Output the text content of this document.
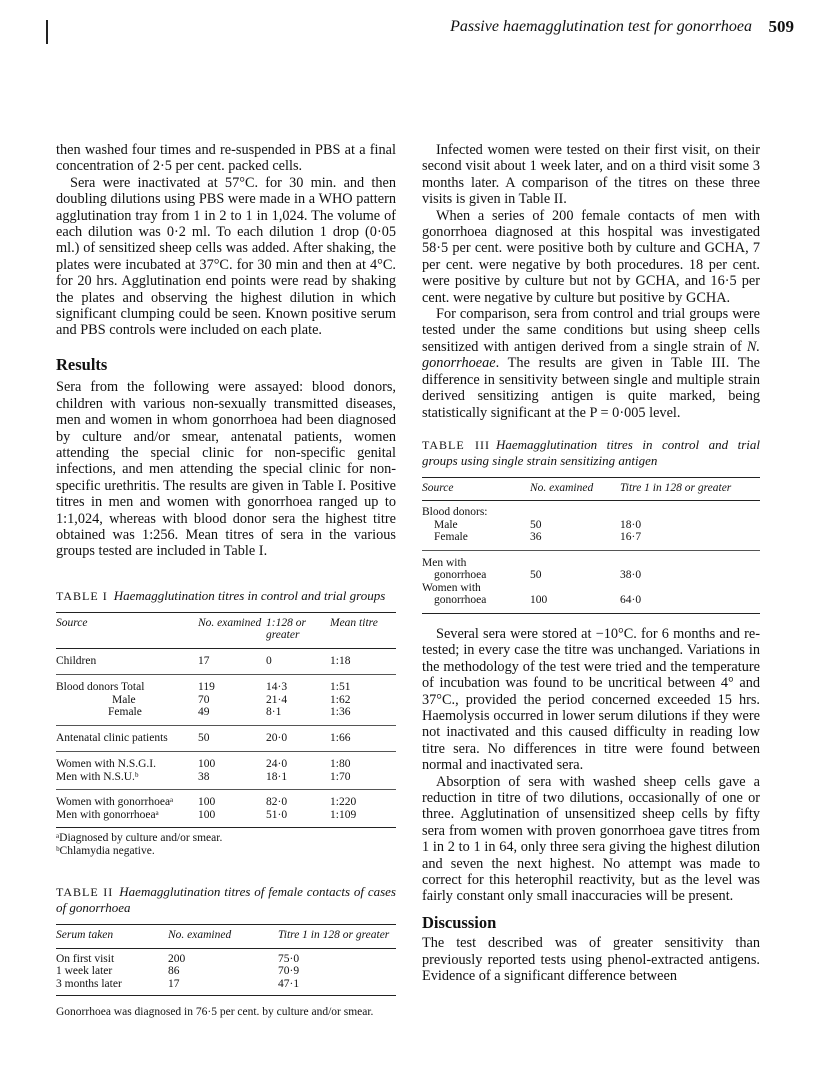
Passive haemagglutination test for gonorrhoea 509

then washed four times and re-suspended in PBS at a final concentration of 2·5 per cent. packed cells.

Sera were inactivated at 57°C. for 30 min. and then doubling dilutions using PBS were made in a WHO pattern agglutination tray from 1 in 2 to 1 in 1,024. The volume of each dilution was 0·2 ml. To each dilution 1 drop (0·05 ml.) of sensitized sheep cells was added. After shaking, the plates were incubated at 37°C. for 30 min and then at 4°C. for 20 hrs. Agglutination end points were read by shaking the plates and observing the highest dilution in which significant clumping could be seen. Known positive serum and PBS controls were included on each plate.

Results

Sera from the following were assayed: blood donors, children with various non-sexually transmitted diseases, men and women in whom gonorrhoea had been diagnosed by culture and/or smear, antenatal patients, women attending the special clinic for non-specific genital infections, and men attending the special clinic for non-specific urethritis. The results are given in Table I. Positive titres in men and women with gonorrhoea ranged up to 1:1,024, whereas with blood donor sera the highest titre obtained was 1:256. Mean titres of sera in the various groups tested are included in Table I.

TABLE I Haemagglutination titres in control and trial groups
Source	No. examined	1:128 or greater	Mean titre
Children	17	0	1:18
Blood donors Total	119	14·3	1:51
Male	70	21·4	1:62
Female	49	8·1	1:36
Antenatal clinic patients	50	20·0	1:66
Women with N.S.G.I.	100	24·0	1:80
Men with N.S.U.ᵇ	38	18·1	1:70
Women with gonorrhoeaᵃ	100	82·0	1:220
Men with gonorrhoeaᵃ	100	51·0	1:109
ᵃDiagnosed by culture and/or smear.
ᵇChlamydia negative.
TABLE II Haemagglutination titres of female contacts of cases of gonorrhoea
Serum taken	No. examined	Titre 1 in 128 or greater
On first visit	200	75·0
1 week later	86	70·9
3 months later	17	47·1
Gonorrhoea was diagnosed in 76·5 per cent. by culture and/or smear.

Infected women were tested on their first visit, on their second visit about 1 week later, and on a third visit some 3 months later. A comparison of the titres on these three visits is given in Table II.

When a series of 200 female contacts of men with gonorrhoea diagnosed at this hospital was investigated 58·5 per cent. were positive both by culture and GCHA, 7 per cent. were negative by both procedures. 18 per cent. were positive by culture but not by GCHA, and 16·5 per cent. were negative by culture but positive by GCHA.

For comparison, sera from control and trial groups were tested under the same conditions but using sheep cells sensitized with antigen derived from a single strain of N. gonorrhoeae. The results are given in Table III. The difference in sensitivity between single and multiple strain derived sensitizing antigen is quite marked, being statistically significant at the P = 0·005 level.

TABLE III Haemagglutination titres in control and trial groups using single strain sensitizing antigen
Source	No. examined	Titre 1 in 128 or greater
Blood donors:		
Male	50	18·0
Female	36	16·7
Men with		
gonorrhoea	50	38·0
Women with		
gonorrhoea	100	64·0

Several sera were stored at −10°C. for 6 months and re-tested; in every case the titre was unchanged. Variations in the methodology of the test were tried and the temperature of incubation was found to be uncritical between 4° and 37°C., provided the period concerned exceeded 15 hrs. Haemolysis occurred in lower serum dilutions if they were not inactivated and this caused difficulty in reading low titre sera. No differences in titre were found between normal and inactivated sera.

Absorption of sera with washed sheep cells gave a reduction in titre of two dilutions, occasionally of one or three. Agglutination of unsensitized sheep cells by fifty sera from women with proven gonorrhoea gave titres from 1 in 2 to 1 in 64, only three sera giving the highest dilution and seven the next highest. No attempt was made to correct for this heterophil reactivity, but as the level was fairly constant only small inaccuracies will be present.

Discussion

The test described was of greater sensitivity than previously reported tests using phenol-extracted antigens. Evidence of a significant difference between
